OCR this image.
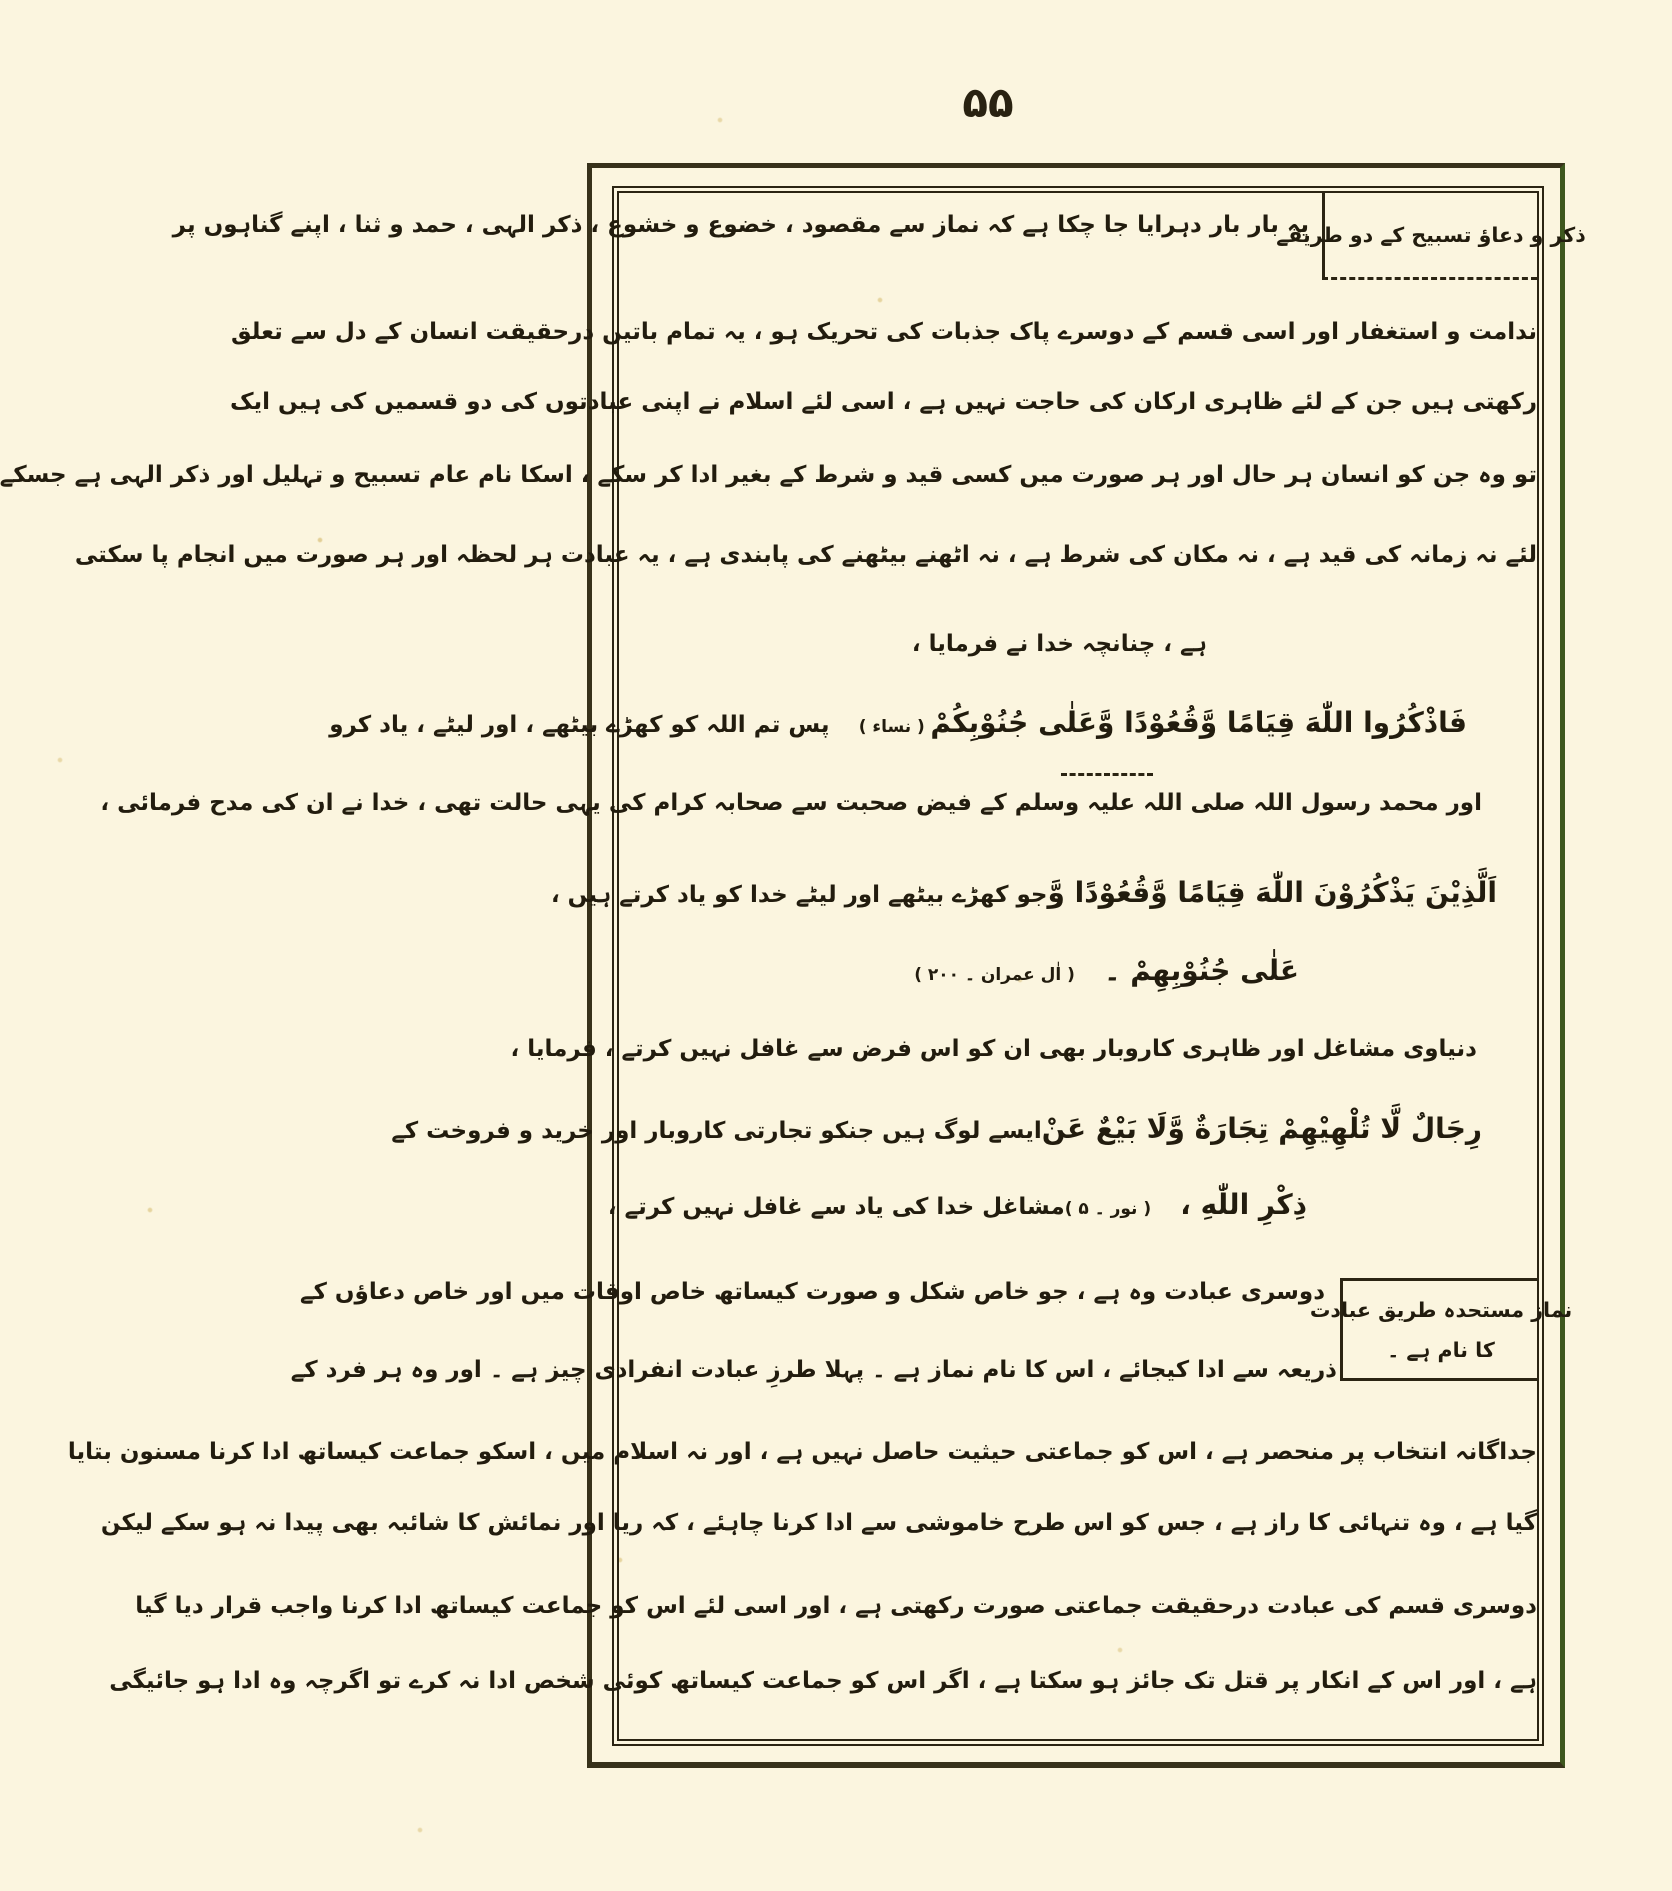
۵۵
ذکر و دعاؤ تسبیح کے دو طریقے
یہ بار بار دہرایا جا چکا ہے کہ نماز سے مقصود ، خضوع و خشوع ، ذکر الہی ، حمد و ثنا ، اپنے گناہوں پر
ندامت و استغفار اور اسی قسم کے دوسرے پاک جذبات کی تحریک ہو ، یہ تمام باتیں درحقیقت انسان کے دل سے تعلق
رکھتی ہیں جن کے لئے ظاہری ارکان کی حاجت نہیں ہے ، اسی لئے اسلام نے اپنی عبادتوں کی دو قسمیں کی ہیں ایک
تو وہ جن کو انسان ہر حال اور ہر صورت میں کسی قید و شرط کے بغیر ادا کر سکے ، اسکا نام عام تسبیح و تہلیل اور ذکر الہی ہے جسکے
لئے نہ زمانہ کی قید ہے ، نہ مکان کی شرط ہے ، نہ اٹھنے بیٹھنے کی پابندی ہے ، یہ عبادت ہر لحظہ اور ہر صورت میں انجام پا سکتی
ہے ، چنانچہ خدا نے فرمایا ،
فَاذْكُرُوا اللّٰهَ قِيَامًا وَّقُعُوْدًا وَّعَلٰى جُنُوْبِكُمْ ( نساء )  پس تم اللہ کو کھڑے بیٹھے ، اور لیٹے ، یاد کرو
اور محمد رسول اللہ صلی اللہ علیہ وسلم کے فیض صحبت سے صحابہ کرام کی یہی حالت تھی ، خدا نے ان کی مدح فرمائی ،
اَلَّذِيْنَ يَذْكُرُوْنَ اللّٰهَ قِيَامًا وَّقُعُوْدًا وَّ
جو کھڑے بیٹھے اور لیٹے خدا کو یاد کرتے ہیں ،
عَلٰى جُنُوْبِهِمْ ۔  ( اٰل عمران ۔ ۲۰۰ )
دنیاوی مشاغل اور ظاہری کاروبار بھی ان کو اس فرض سے غافل نہیں کرتے ، فرمایا ،
رِجَالٌ لَّا تُلْهِيْهِمْ تِجَارَةٌ وَّلَا بَيْعٌ عَنْ
ایسے لوگ ہیں جنکو تجارتی کاروبار اور خرید و فروخت کے
ذِكْرِ اللّٰهِ ،  ( نور ۔ ۵ )
مشاغل خدا کی یاد سے غافل نہیں کرتے ،
نماز مستحدہ طریق عبادت
کا نام ہے ۔
دوسری عبادت وہ ہے ، جو خاص شکل و صورت کیساتھ خاص اوقات میں اور خاص دعاؤں کے
ذریعہ سے ادا کیجائے ، اس کا نام نماز ہے ۔ پہلا طرزِ عبادت انفرادی چیز ہے ۔ اور وہ ہر فرد کے
جداگانہ انتخاب پر منحصر ہے ، اس کو جماعتی حیثیت حاصل نہیں ہے ، اور نہ اسلام میں ، اسکو جماعت کیساتھ ادا کرنا مسنون بتایا
گیا ہے ، وہ تنہائی کا راز ہے ، جس کو اس طرح خاموشی سے ادا کرنا چاہئے ، کہ ریا اور نمائش کا شائبہ بھی پیدا نہ ہو سکے لیکن
دوسری قسم کی عبادت درحقیقت جماعتی صورت رکھتی ہے ، اور اسی لئے اس کو جماعت کیساتھ ادا کرنا واجب قرار دیا گیا
ہے ، اور اس کے انکار پر قتل تک جائز ہو سکتا ہے ، اگر اس کو جماعت کیساتھ کوئی شخص ادا نہ کرے تو اگرچہ وہ ادا ہو جائیگی
